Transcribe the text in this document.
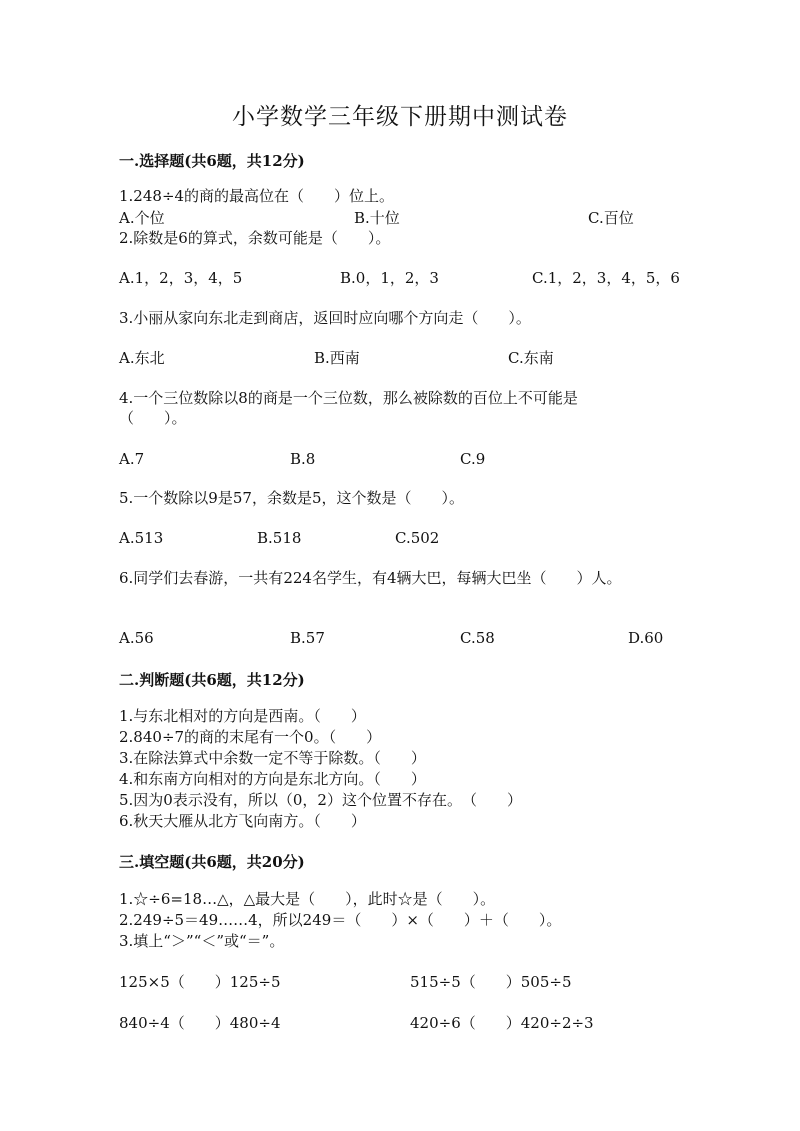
小学数学三年级下册期中测试卷
一.选择题(共6题，共12分)
1.248÷4的商的最高位在（　　）位上。
A.个位	B.十位	C.百位
2.除数是6的算式，余数可能是（　　）。
A.1，2，3，4，5	B.0，1，2，3	C.1，2，3，4，5，6
3.小丽从家向东北走到商店，返回时应向哪个方向走（　　）。
A.东北	B.西南	C.东南
4.一个三位数除以8的商是一个三位数，那么被除数的百位上不可能是
（　　）。
A.7	B.8	C.9
5.一个数除以9是57，余数是5，这个数是（　　）。
A.513	B.518	C.502
6.同学们去春游，一共有224名学生，有4辆大巴，每辆大巴坐（　　）人。
A.56	B.57	C.58	D.60
二.判断题(共6题，共12分)
1.与东北相对的方向是西南。（　　）
2.840÷7的商的末尾有一个0。（　　）
3.在除法算式中余数一定不等于除数。（　　）
4.和东南方向相对的方向是东北方向。（　　）
5.因为0表示没有，所以（0，2）这个位置不存在。　（　　）
6.秋天大雁从北方飞向南方。（　　）
三.填空题(共6题，共20分)
1.☆÷6=18…△，△最大是（　　），此时☆是（　　）。
2.249÷5＝49……4，所以249＝（　　）×（　　）＋（　　）。
3.填上“＞”“＜”或“＝”。
125×5（　　）125÷5	515÷5（　　）505÷5
840÷4（　　）480÷4	420÷6（　　）420÷2÷3
